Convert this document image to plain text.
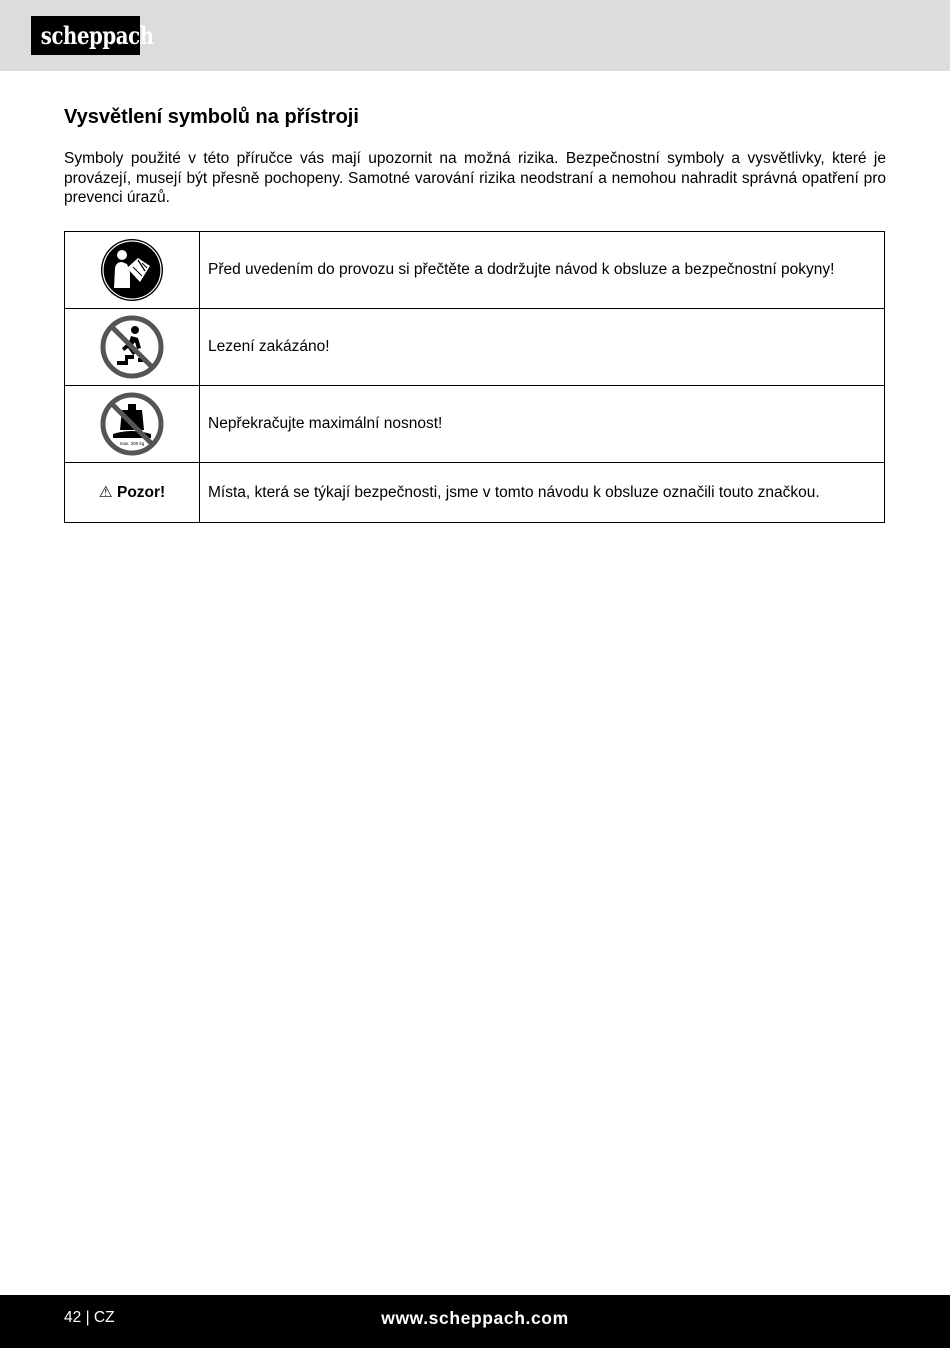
scheppach
Vysvětlení symbolů na přístroji

Symboly použité v této příručce vás mají upozornit na možná rizika. Bezpečnostní symboly a vysvětlivky, které je provázejí, musejí být přesně pochopeny. Samotné varování rizika neodstraní a nemohou nahradit správná opatření pro prevenci úrazů.

	Před uvedením do provozu si přečtěte a dodržujte návod k obsluze a bezpečnostní pokyny!

	Lezení zakázáno!

max. 200 kg	Nepřekračujte maximální nosnost!
⚠ Pozor!	Místa, která se týkají bezpečnosti, jsme v tomto návodu k obsluze označili touto značkou.
42 | CZ	www.scheppach.com
